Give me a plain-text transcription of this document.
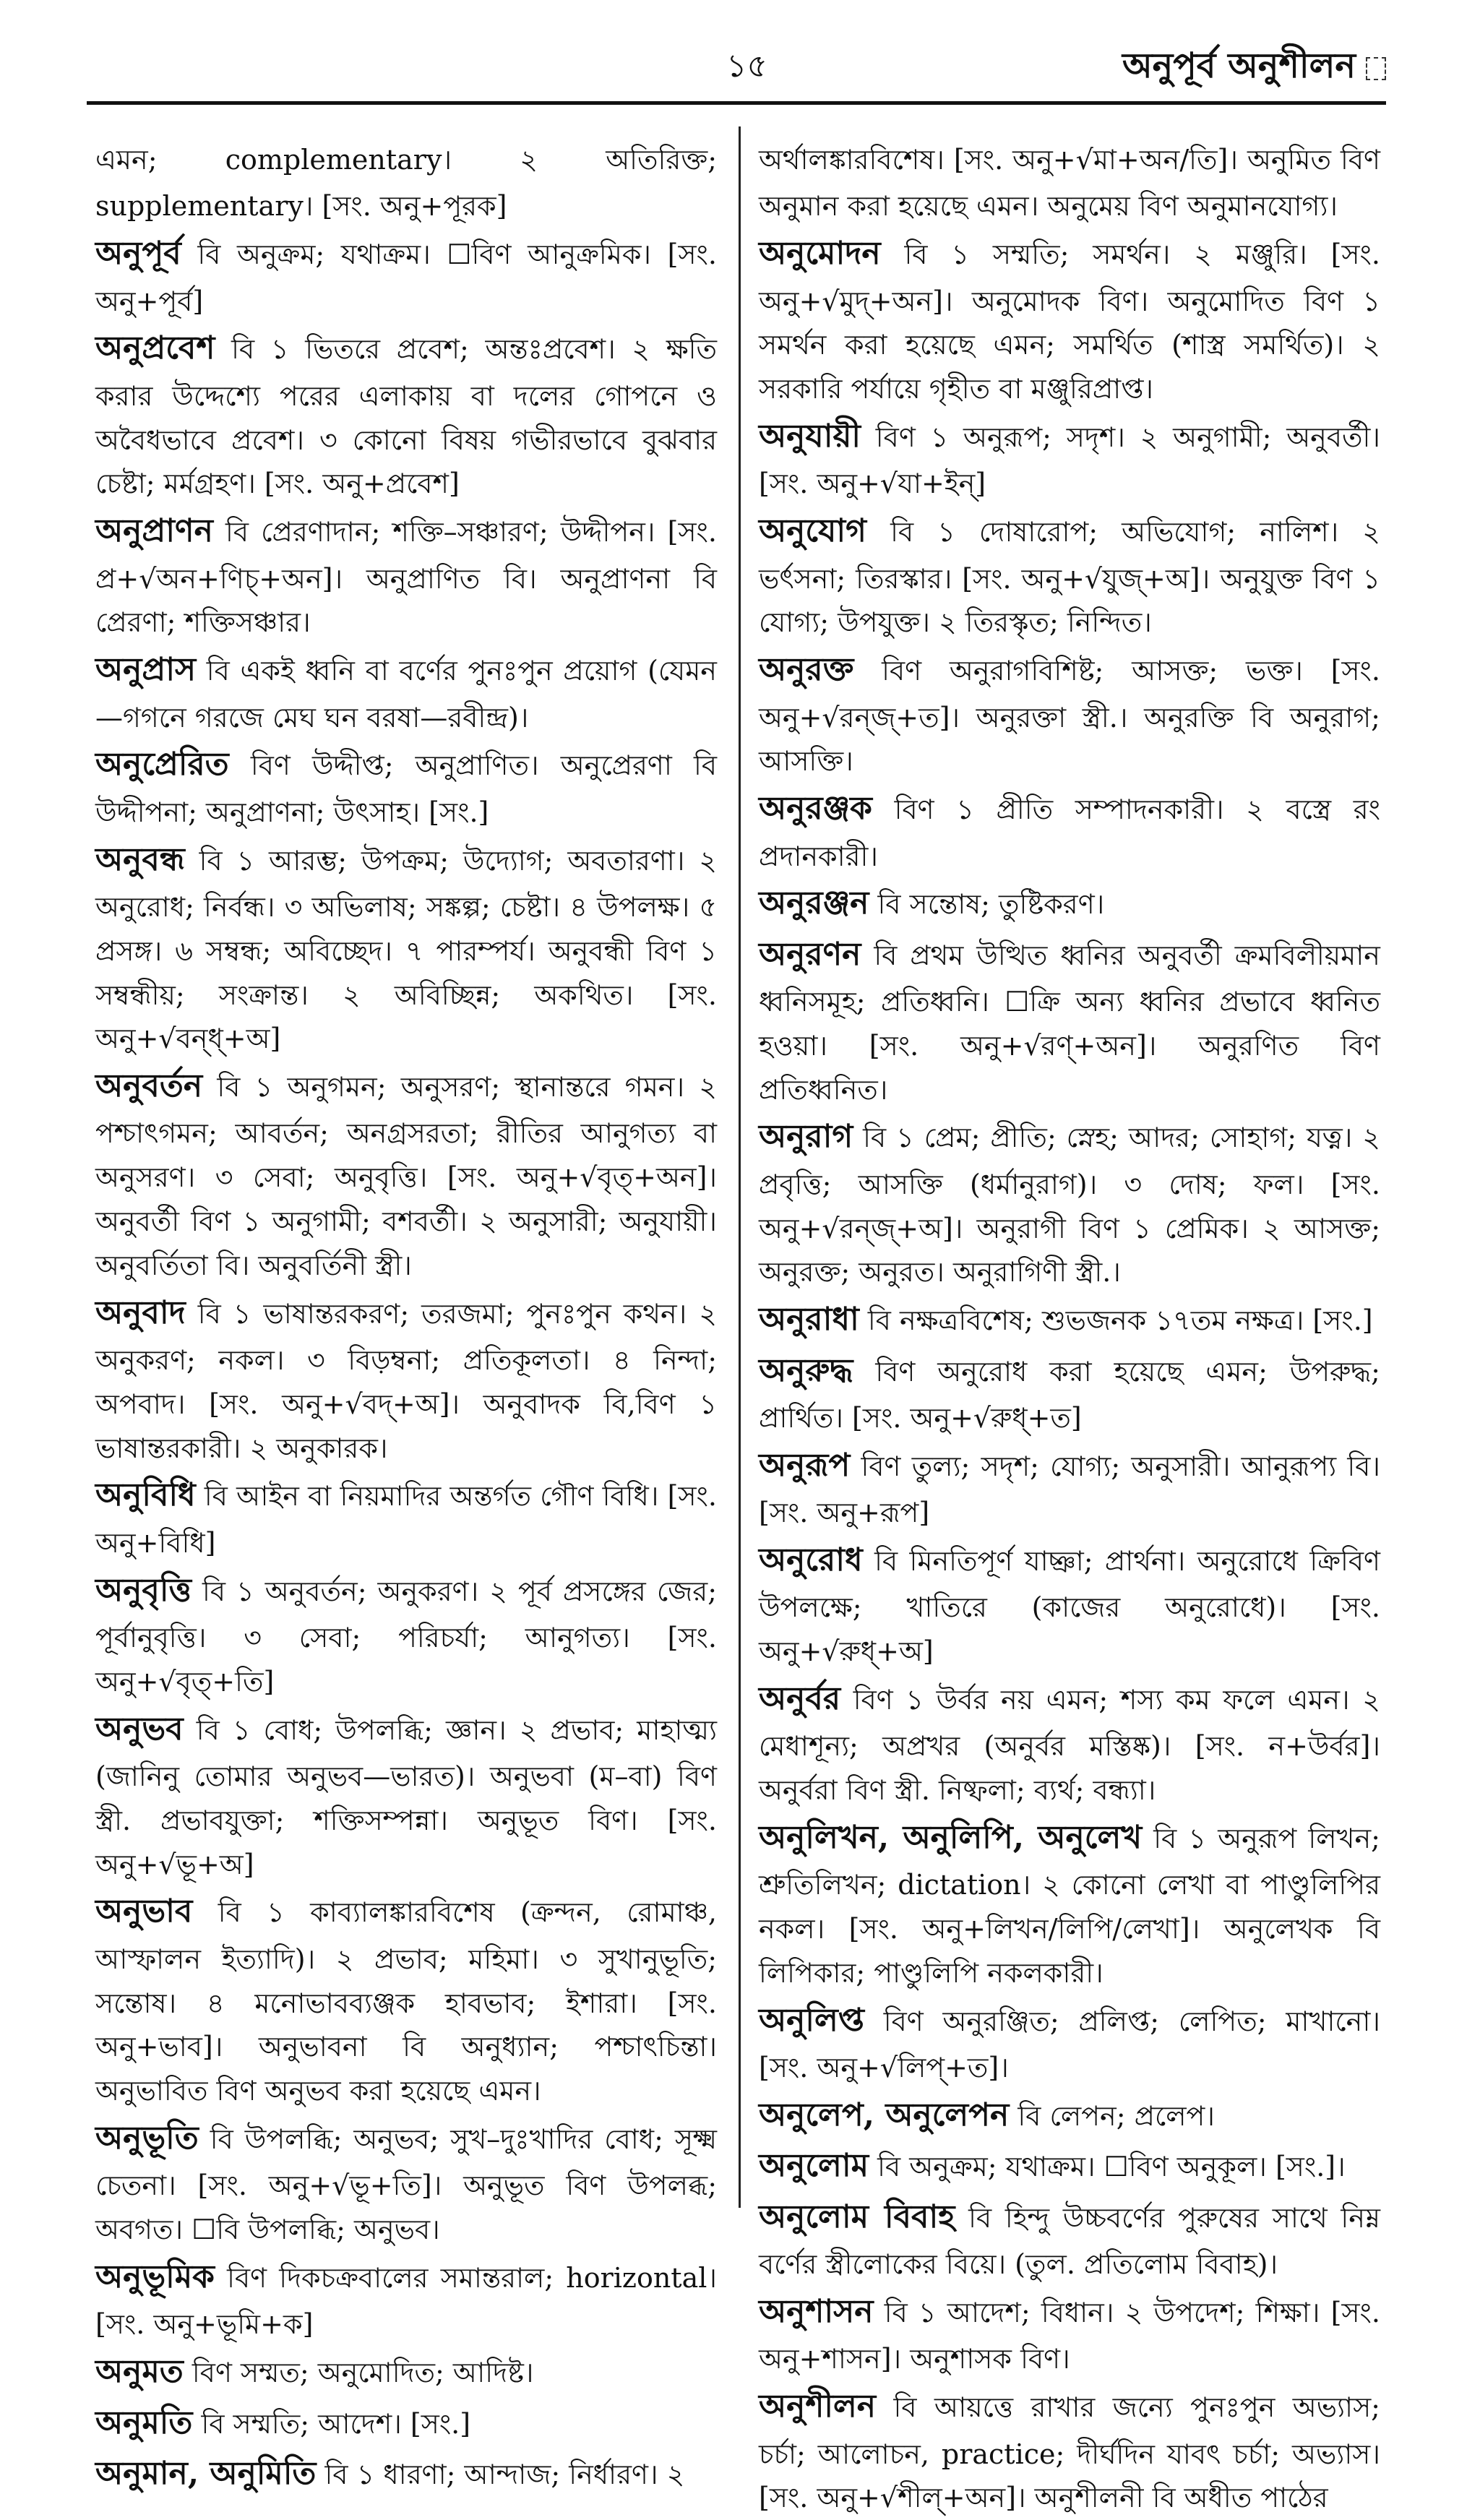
১৫	অনুপূর্ব অনুশীলন

এমন; complementary। ২ অতিরিক্ত; supplementary। [সং. অনু+পূরক]

অনুপূর্ব বি অনুক্রম; যথাক্রম। ☐বিণ আনুক্রমিক। [সং. অনু+পূর্ব]

অনুপ্রবেশ বি ১ ভিতরে প্রবেশ; অন্তঃপ্রবেশ। ২ ক্ষতি করার উদ্দেশ্যে পরের এলাকায় বা দলের গোপনে ও অবৈধভাবে প্রবেশ। ৩ কোনো বিষয় গভীরভাবে বুঝবার চেষ্টা; মর্মগ্রহণ। [সং. অনু+প্রবেশ]

অনুপ্রাণন বি প্রেরণাদান; শক্তি–সঞ্চারণ; উদ্দীপন। [সং. প্র+√অন+ণিচ্‌+অন]। অনুপ্রাণিত বি। অনুপ্রাণনা বি প্রেরণা; শক্তিসঞ্চার।

অনুপ্রাস বি একই ধ্বনি বা বর্ণের পুনঃপুন প্রয়োগ (যেমন—গগনে গরজে মেঘ ঘন বরষা—রবীন্দ্র)।

অনুপ্রেরিত বিণ উদ্দীপ্ত; অনুপ্রাণিত। অনুপ্রেরণা বি উদ্দীপনা; অনুপ্রাণনা; উৎসাহ। [সং.]

অনুবন্ধ বি ১ আরম্ভ; উপক্রম; উদ্যোগ; অবতারণা। ২ অনুরোধ; নির্বন্ধ। ৩ অভিলাষ; সঙ্কল্প; চেষ্টা। ৪ উপলক্ষ। ৫ প্রসঙ্গ। ৬ সম্বন্ধ; অবিচ্ছেদ। ৭ পারম্পর্য। অনুবন্ধী বিণ ১ সম্বন্ধীয়; সংক্রান্ত। ২ অবিচ্ছিন্ন; অকথিত। [সং. অনু+√বন্ধ্‌+অ]

অনুবর্তন বি ১ অনুগমন; অনুসরণ; স্থানান্তরে গমন। ২ পশ্চাৎগমন; আবর্তন; অনগ্রসরতা; রীতির আনুগত্য বা অনুসরণ। ৩ সেবা; অনুবৃত্তি। [সং. অনু+√বৃত্‌+অন]। অনুবর্তী বিণ ১ অনুগামী; বশবর্তী। ২ অনুসারী; অনুযায়ী। অনুবর্তিতা বি। অনুবর্তিনী স্ত্রী।

অনুবাদ বি ১ ভাষান্তরকরণ; তরজমা; পুনঃপুন কথন। ২ অনুকরণ; নকল। ৩ বিড়ম্বনা; প্রতিকূলতা। ৪ নিন্দা; অপবাদ। [সং. অনু+√বদ্‌+অ]। অনুবাদক বি,বিণ ১ ভাষান্তরকারী। ২ অনুকারক।

অনুবিধি বি আইন বা নিয়মাদির অন্তর্গত গৌণ বিধি। [সং. অনু+বিধি]

অনুবৃত্তি বি ১ অনুবর্তন; অনুকরণ। ২ পূর্ব প্রসঙ্গের জের; পূর্বানুবৃত্তি। ৩ সেবা; পরিচর্যা; আনুগত্য। [সং. অনু+√বৃত্‌+তি]

অনুভব বি ১ বোধ; উপলব্ধি; জ্ঞান। ২ প্রভাব; মাহাত্ম্য (জানিনু তোমার অনুভব—ভারত)। অনুভবা (ম–বা) বিণ স্ত্রী. প্রভাবযুক্তা; শক্তিসম্পন্না। অনুভূত বিণ। [সং. অনু+√ভূ+অ]

অনুভাব বি ১ কাব্যালঙ্কারবিশেষ (ক্রন্দন, রোমাঞ্চ, আস্ফালন ইত্যাদি)। ২ প্রভাব; মহিমা। ৩ সুখানুভূতি; সন্তোষ। ৪ মনোভাবব্যঞ্জক হাবভাব; ইশারা। [সং. অনু+ভাব]। অনুভাবনা বি অনুধ্যান; পশ্চাৎচিন্তা। অনুভাবিত বিণ অনুভব করা হয়েছে এমন।

অনুভূতি বি উপলব্ধি; অনুভব; সুখ–দুঃখাদির বোধ; সূক্ষ্ম চেতনা। [সং. অনু+√ভূ+তি]। অনুভূত বিণ উপলব্ধ; অবগত। ☐বি উপলব্ধি; অনুভব।

অনুভূমিক বিণ দিকচক্রবালের সমান্তরাল; horizontal। [সং. অনু+ভূমি+ক]

অনুমত বিণ সম্মত; অনুমোদিত; আদিষ্ট।

অনুমতি বি সম্মতি; আদেশ। [সং.]

অনুমান, অনুমিতি বি ১ ধারণা; আন্দাজ; নির্ধারণ। ২

অর্থালঙ্কারবিশেষ। [সং. অনু+√মা+অন/তি]। অনুমিত বিণ অনুমান করা হয়েছে এমন। অনুমেয় বিণ অনুমানযোগ্য।

অনুমোদন বি ১ সম্মতি; সমর্থন। ২ মঞ্জুরি। [সং. অনু+√মুদ্‌+অন]। অনুমোদক বিণ। অনুমোদিত বিণ ১ সমর্থন করা হয়েছে এমন; সমর্থিত (শাস্ত্র সমর্থিত)। ২ সরকারি পর্যায়ে গৃহীত বা মঞ্জুরিপ্রাপ্ত।

অনুযায়ী বিণ ১ অনুরূপ; সদৃশ। ২ অনুগামী; অনুবর্তী। [সং. অনু+√যা+ইন্‌]

অনুযোগ বি ১ দোষারোপ; অভিযোগ; নালিশ। ২ ভর্ৎসনা; তিরস্কার। [সং. অনু+√যুজ্‌+অ]। অনুযুক্ত বিণ ১ যোগ্য; উপযুক্ত। ২ তিরস্কৃত; নিন্দিত।

অনুরক্ত বিণ অনুরাগবিশিষ্ট; আসক্ত; ভক্ত। [সং. অনু+√রন্‌জ্‌+ত]। অনুরক্তা স্ত্রী.। অনুরক্তি বি অনুরাগ; আসক্তি।

অনুরঞ্জক বিণ ১ প্রীতি সম্পাদনকারী। ২ বস্ত্রে রং প্রদানকারী।

অনুরঞ্জন বি সন্তোষ; তুষ্টিকরণ।

অনুরণন বি প্রথম উত্থিত ধ্বনির অনুবর্তী ক্রমবিলীয়মান ধ্বনিসমূহ; প্রতিধ্বনি। ☐ক্রি অন্য ধ্বনির প্রভাবে ধ্বনিত হওয়া। [সং. অনু+√রণ্‌+অন]। অনুরণিত বিণ প্রতিধ্বনিত।

অনুরাগ বি ১ প্রেম; প্রীতি; স্নেহ; আদর; সোহাগ; যত্ন। ২ প্রবৃত্তি; আসক্তি (ধর্মানুরাগ)। ৩ দোষ; ফল। [সং. অনু+√রন্‌জ্‌+অ]। অনুরাগী বিণ ১ প্রেমিক। ২ আসক্ত; অনুরক্ত; অনুরত। অনুরাগিণী স্ত্রী.।

অনুরাধা বি নক্ষত্রবিশেষ; শুভজনক ১৭তম নক্ষত্র। [সং.]

অনুরুদ্ধ বিণ অনুরোধ করা হয়েছে এমন; উপরুদ্ধ; প্রার্থিত। [সং. অনু+√রুধ্‌+ত]

অনুরূপ বিণ তুল্য; সদৃশ; যোগ্য; অনুসারী। আনুরূপ্য বি। [সং. অনু+রূপ]

অনুরোধ বি মিনতিপূর্ণ যাচ্ঞা; প্রার্থনা। অনুরোধে ক্রিবিণ উপলক্ষে; খাতিরে (কাজের অনুরোধে)। [সং. অনু+√রুধ্‌+অ]

অনুর্বর বিণ ১ উর্বর নয় এমন; শস্য কম ফলে এমন। ২ মেধাশূন্য; অপ্রখর (অনুর্বর মস্তিষ্ক)। [সং. ন+উর্বর]। অনুর্বরা বিণ স্ত্রী. নিষ্ফলা; ব্যর্থ; বন্ধ্যা।

অনুলিখন, অনুলিপি, অনুলেখ বি ১ অনুরূপ লিখন; শ্রুতিলিখন; dictation। ২ কোনো লেখা বা পাণ্ডুলিপির নকল। [সং. অনু+লিখন/লিপি/লেখা]। অনুলেখক বি লিপিকার; পাণ্ডুলিপি নকলকারী।

অনুলিপ্ত বিণ অনুরঞ্জিত; প্রলিপ্ত; লেপিত; মাখানো। [সং. অনু+√লিপ্‌+ত]।

অনুলেপ, অনুলেপন বি লেপন; প্রলেপ।

অনুলোম বি অনুক্রম; যথাক্রম। ☐বিণ অনুকূল। [সং.]।

অনুলোম বিবাহ বি হিন্দু উচ্চবর্ণের পুরুষের সাথে নিম্ন বর্ণের স্ত্রীলোকের বিয়ে। (তুল. প্রতিলোম বিবাহ)।

অনুশাসন বি ১ আদেশ; বিধান। ২ উপদেশ; শিক্ষা। [সং. অনু+শাসন]। অনুশাসক বিণ।

অনুশীলন বি আয়ত্তে রাখার জন্যে পুনঃপুন অভ্যাস; চর্চা; আলোচন, practice; দীর্ঘদিন যাবৎ চর্চা; অভ্যাস। [সং. অনু+√শীল্‌+অন]। অনুশীলনী বি অধীত পাঠের
